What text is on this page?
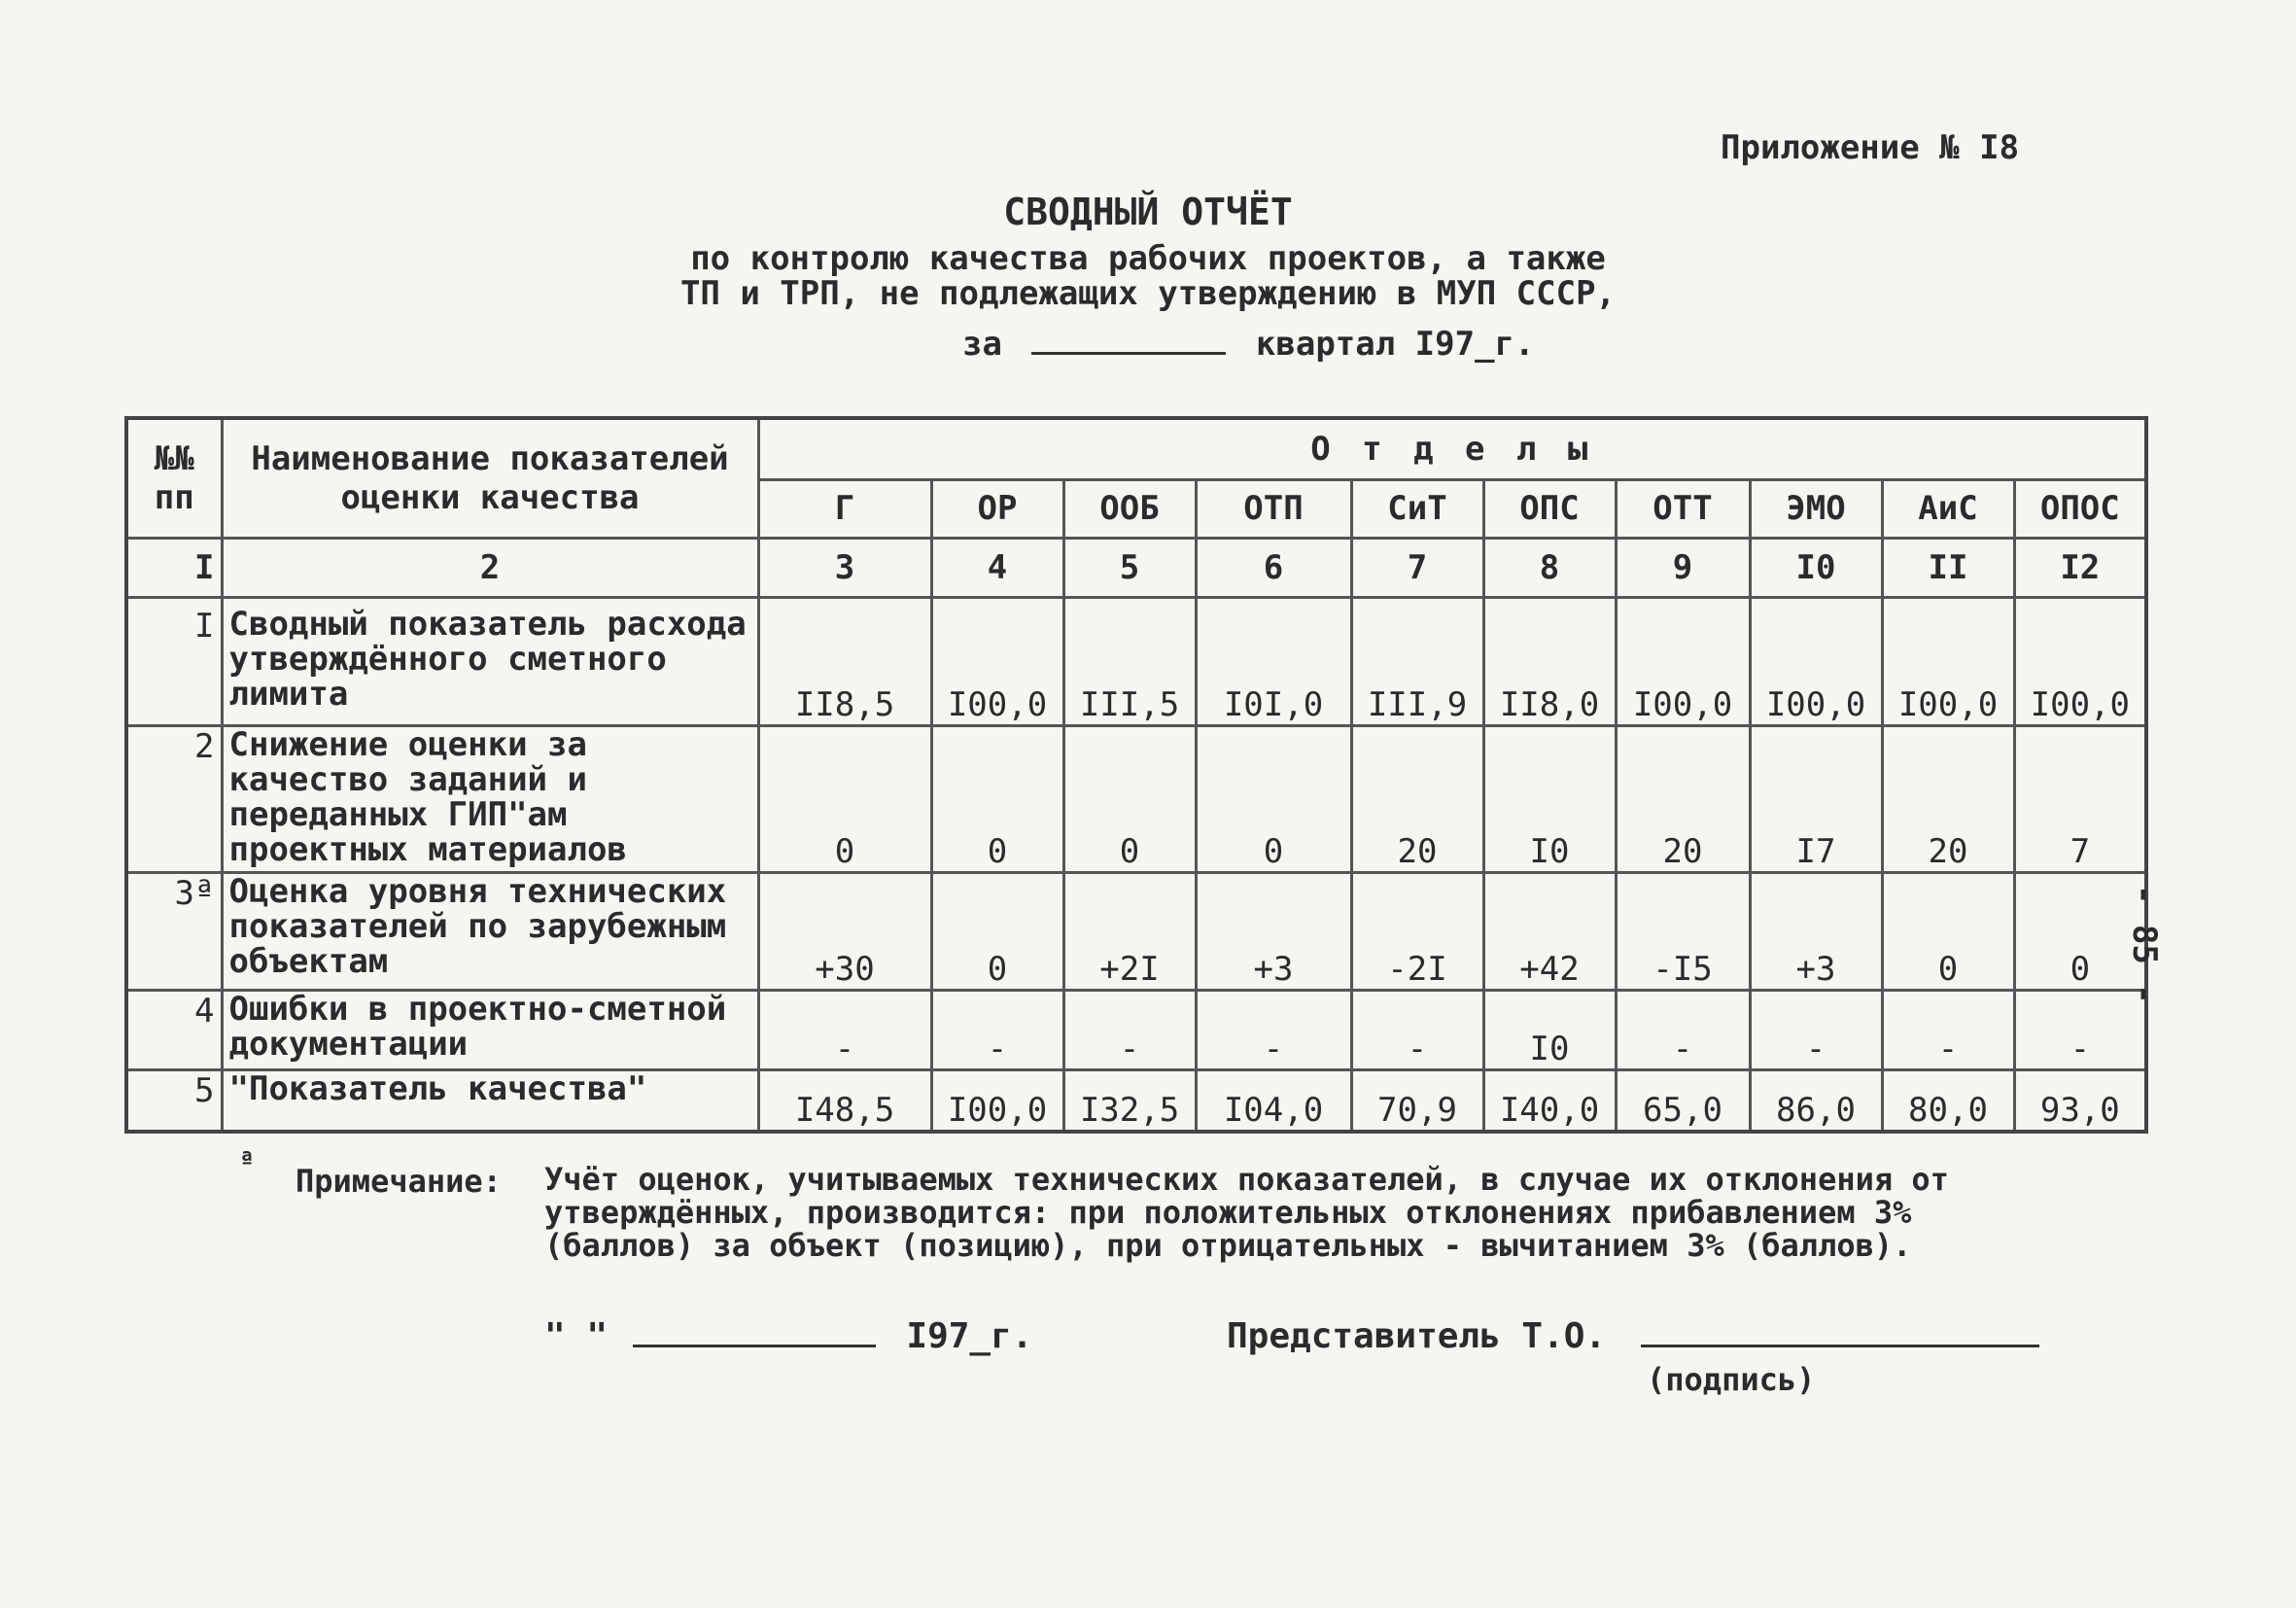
Приложение № I8
СВОДНЫЙ ОТЧЁТ
по контролю качества рабочих проектов, а также
ТП и ТРП, не подлежащих утверждению в МУП СССР,
за	квартал I97_г.
№№ пп	Наименование показателей оценки качества	О т д е л ы									
		Г	ОР	ООБ	ОТП	СиТ	ОПС	ОТТ	ЭМО	АиС	ОПОС
I	2	3	4	5	6	7	8	9	I0	II	I2
I	Сводный показатель расхода утверждённого сметного лимита	II8,5	I00,0	III,5	I0I,0	III,9	II8,0	I00,0	I00,0	I00,0	I00,0
2	Снижение оценки за качество заданий и переданных ГИП"ам проектных материалов	0	0	0	0	20	I0	20	I7	20	7
3ª	Оценка уровня технических показателей по зарубежным объектам	+30	0	+2I	+3	-2I	+42	-I5	+3	0	0
4	Ошибки в проектно-сметной документации	-	-	-	-	-	I0	-	-	-	-
5	"Показатель качества"	I48,5	I00,0	I32,5	I04,0	70,9	I40,0	65,0	86,0	80,0	93,0
- 85 -
ª
Примечание: Учёт оценок, учитываемых технических показателей, в случае их отклонения от утверждённых, производится: при положительных отклонениях прибавлением 3% (баллов) за объект (позицию), при отрицательных - вычитанием 3% (баллов).
" "	I97_г.	Представитель Т.О.
(подпись)
